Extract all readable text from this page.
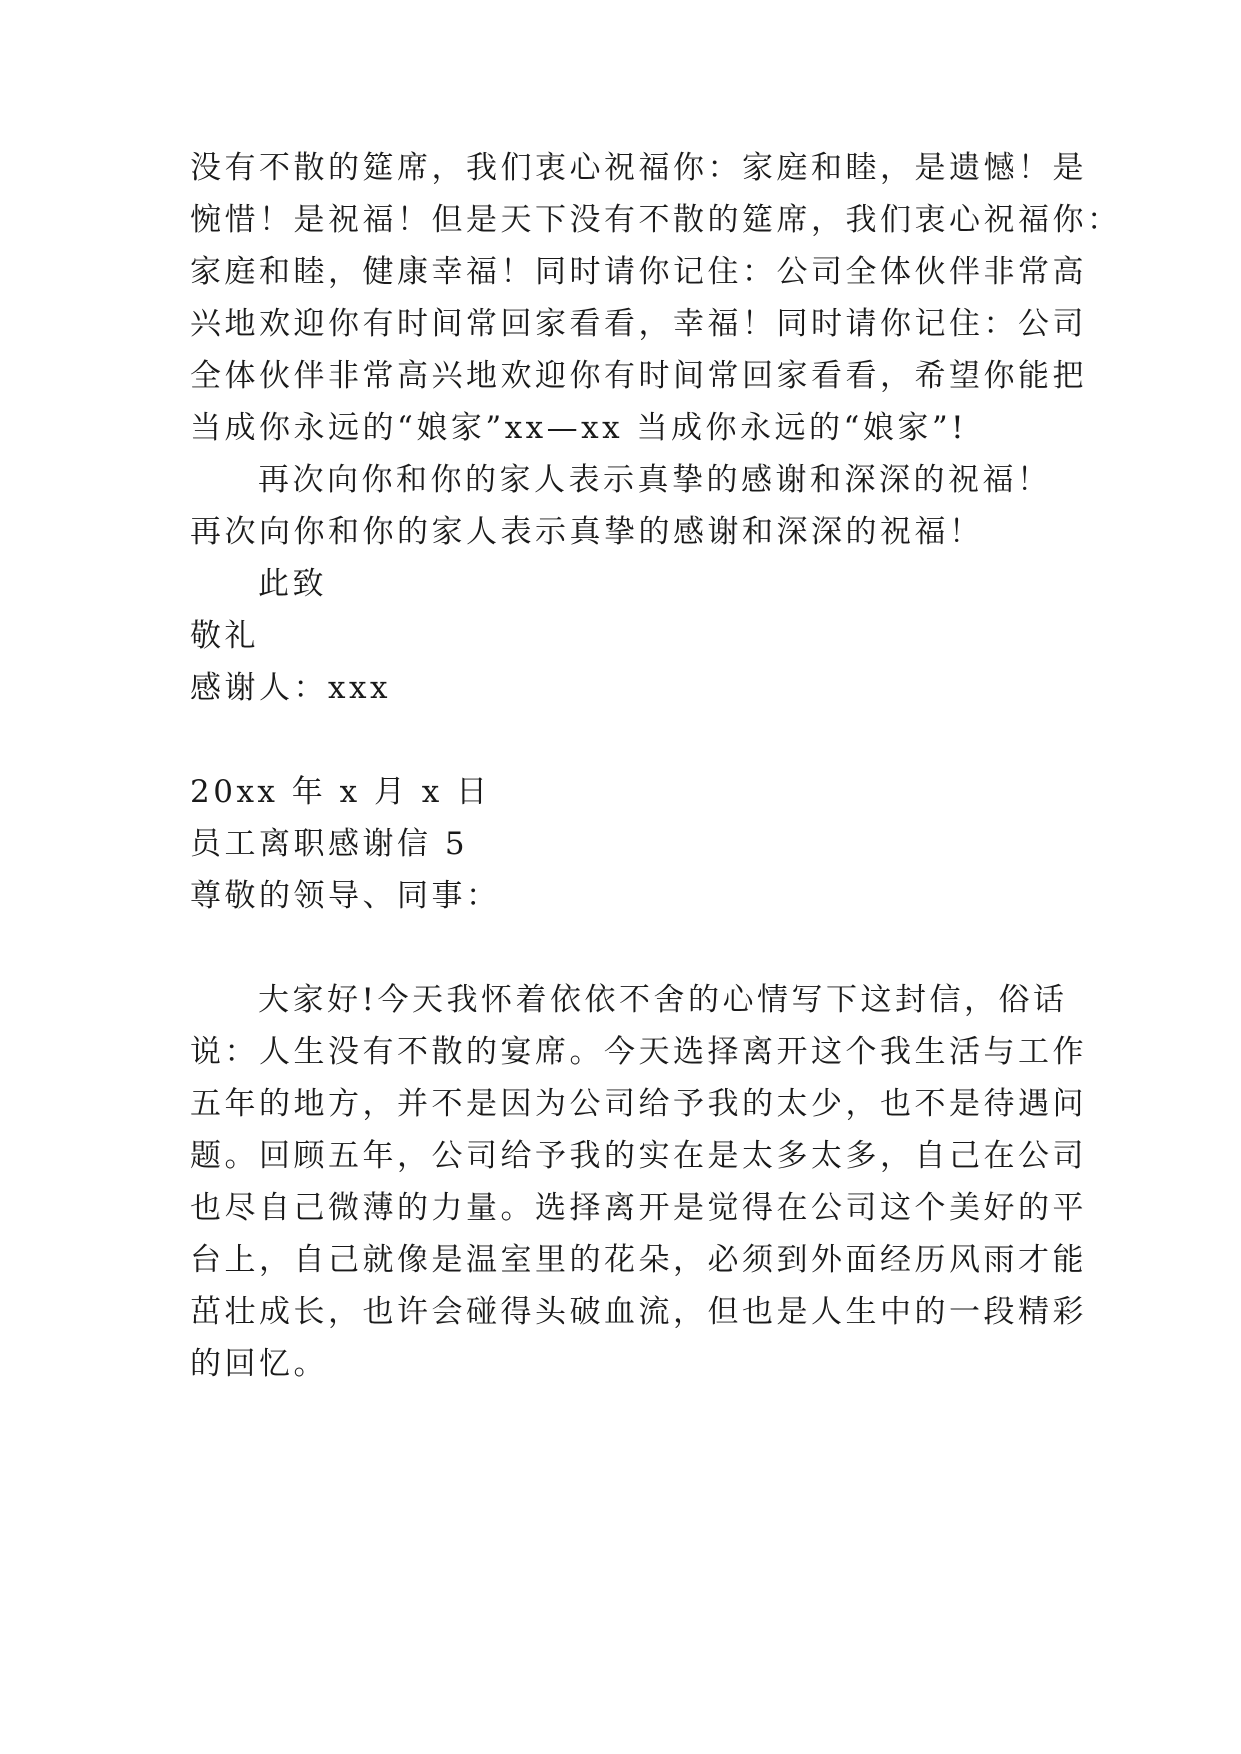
没有不散的筵席，我们衷心祝福你：家庭和睦，是遗憾！是
惋惜！是祝福！但是天下没有不散的筵席，我们衷心祝福你：
家庭和睦，健康幸福！同时请你记住：公司全体伙伴非常高
兴地欢迎你有时间常回家看看，幸福！同时请你记住：公司
全体伙伴非常高兴地欢迎你有时间常回家看看，希望你能把
当成你永远的“娘家”xx—xx 当成你永远的“娘家”!
再次向你和你的家人表示真挚的感谢和深深的祝福！
再次向你和你的家人表示真挚的感谢和深深的祝福！
此致
敬礼
感谢人：xxx
20xx 年 x 月 x 日
员工离职感谢信 5
尊敬的领导、同事：
大家好!今天我怀着依依不舍的心情写下这封信，俗话
说：人生没有不散的宴席。今天选择离开这个我生活与工作
五年的地方，并不是因为公司给予我的太少，也不是待遇问
题。回顾五年，公司给予我的实在是太多太多，自己在公司
也尽自己微薄的力量。选择离开是觉得在公司这个美好的平
台上，自己就像是温室里的花朵，必须到外面经历风雨才能
茁壮成长，也许会碰得头破血流，但也是人生中的一段精彩
的回忆。
